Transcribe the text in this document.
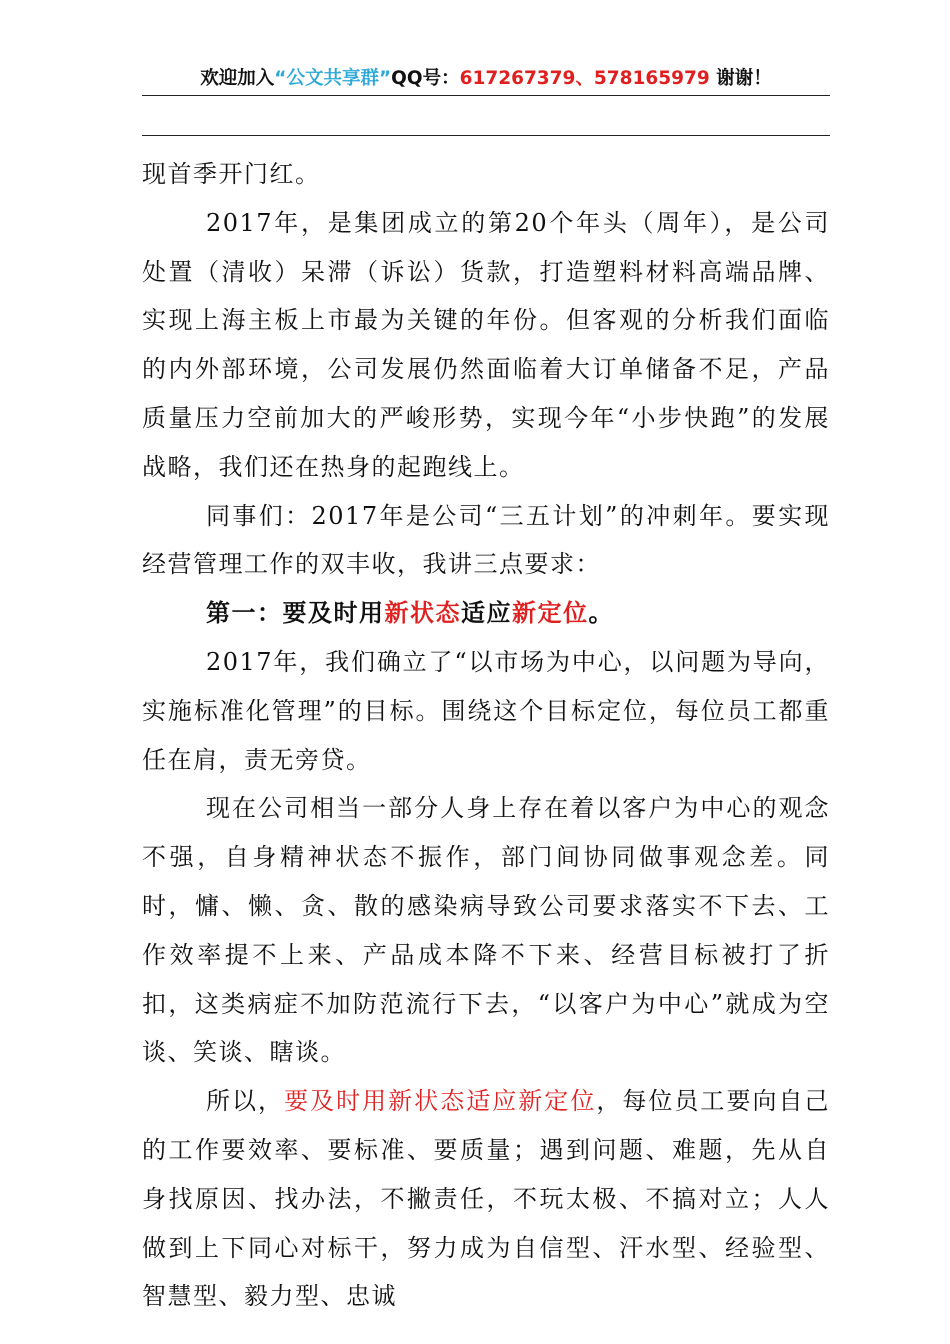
欢迎加入“公文共享群”QQ号：617267379、578165979 谢谢！

现首季开门红。

2017年，是集团成立的第20个年头（周年），是公司处置（清收）呆滞（诉讼）货款，打造塑料材料高端品牌、实现上海主板上市最为关键的年份。但客观的分析我们面临的内外部环境，公司发展仍然面临着大订单储备不足，产品质量压力空前加大的严峻形势，实现今年“小步快跑”的发展战略，我们还在热身的起跑线上。

同事们：2017年是公司“三五计划”的冲刺年。要实现经营管理工作的双丰收，我讲三点要求：

第一：要及时用新状态适应新定位。

2017年，我们确立了“以市场为中心，以问题为导向，实施标准化管理”的目标。围绕这个目标定位，每位员工都重任在肩，责无旁贷。

现在公司相当一部分人身上存在着以客户为中心的观念不强，自身精神状态不振作，部门间协同做事观念差。同时，慵、懒、贪、散的感染病导致公司要求落实不下去、工作效率提不上来、产品成本降不下来、经营目标被打了折扣，这类病症不加防范流行下去，“以客户为中心”就成为空谈、笑谈、瞎谈。

所以，要及时用新状态适应新定位，每位员工要向自己的工作要效率、要标准、要质量；遇到问题、难题，先从自身找原因、找办法，不撇责任，不玩太极、不搞对立；人人做到上下同心对标干，努力成为自信型、汗水型、经验型、智慧型、毅力型、忠诚
